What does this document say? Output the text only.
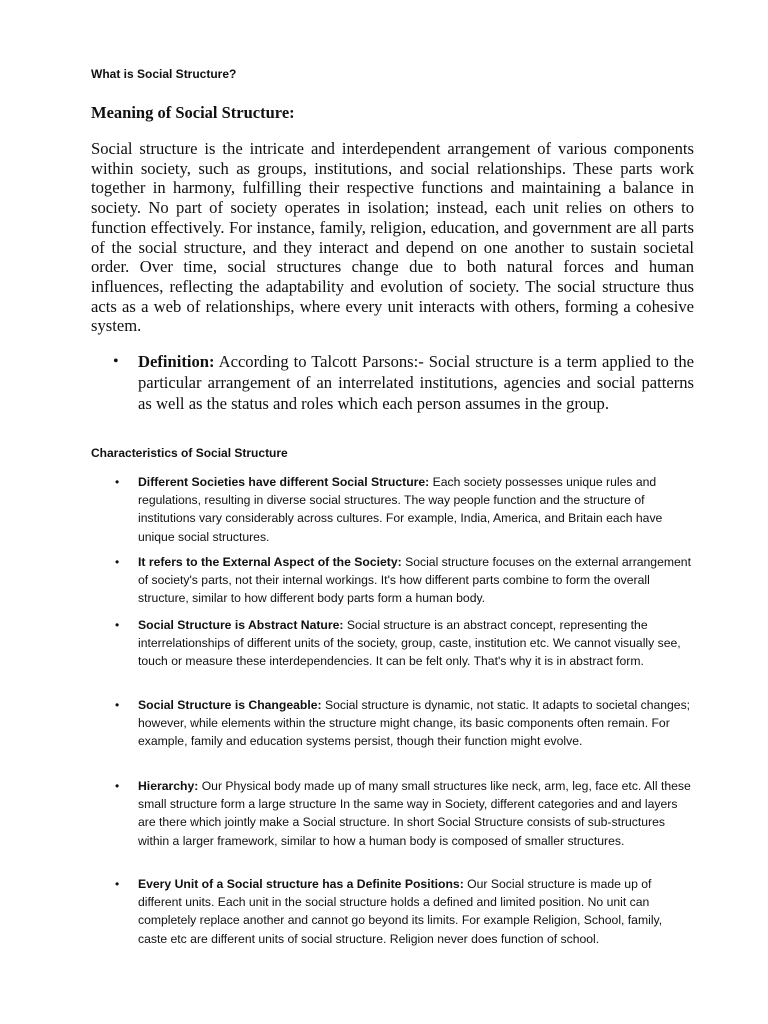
What is Social Structure?
Meaning of Social Structure:

Social structure is the intricate and interdependent arrangement of various components within society, such as groups, institutions, and social relationships. These parts work together in harmony, fulfilling their respective functions and maintaining a balance in society. No part of society operates in isolation; instead, each unit relies on others to function effectively. For instance, family, religion, education, and government are all parts of the social structure, and they interact and depend on one another to sustain societal order. Over time, social structures change due to both natural forces and human influences, reflecting the adaptability and evolution of society. The social structure thus acts as a web of relationships, where every unit interacts with others, forming a cohesive system.

• Definition: According to Talcott Parsons:- Social structure is a term applied to the particular arrangement of an interrelated institutions, agencies and social patterns as well as the status and roles which each person assumes in the group.
Characteristics of Social Structure
• Different Societies have different Social Structure: Each society possesses unique rules and regulations, resulting in diverse social structures. The way people function and the structure of institutions vary considerably across cultures. For example, India, America, and Britain each have unique social structures.
• It refers to the External Aspect of the Society: Social structure focuses on the external arrangement of society's parts, not their internal workings. It's how different parts combine to form the overall structure, similar to how different body parts form a human body.
• Social Structure is Abstract Nature: Social structure is an abstract concept, representing the interrelationships of different units of the society, group, caste, institution etc. We cannot visually see, touch or measure these interdependencies. It can be felt only. That's why it is in abstract form.
• Social Structure is Changeable: Social structure is dynamic, not static. It adapts to societal changes; however, while elements within the structure might change, its basic components often remain. For example, family and education systems persist, though their function might evolve.
• Hierarchy: Our Physical body made up of many small structures like neck, arm, leg, face etc. All these small structure form a large structure In the same way in Society, different categories and and layers are there which jointly make a Social structure. In short Social Structure consists of sub-structures within a larger framework, similar to how a human body is composed of smaller structures.
• Every Unit of a Social structure has a Definite Positions: Our Social structure is made up of different units. Each unit in the social structure holds a defined and limited position. No unit can completely replace another and cannot go beyond its limits. For example Religion, School, family, caste etc are different units of social structure. Religion never does function of school.
